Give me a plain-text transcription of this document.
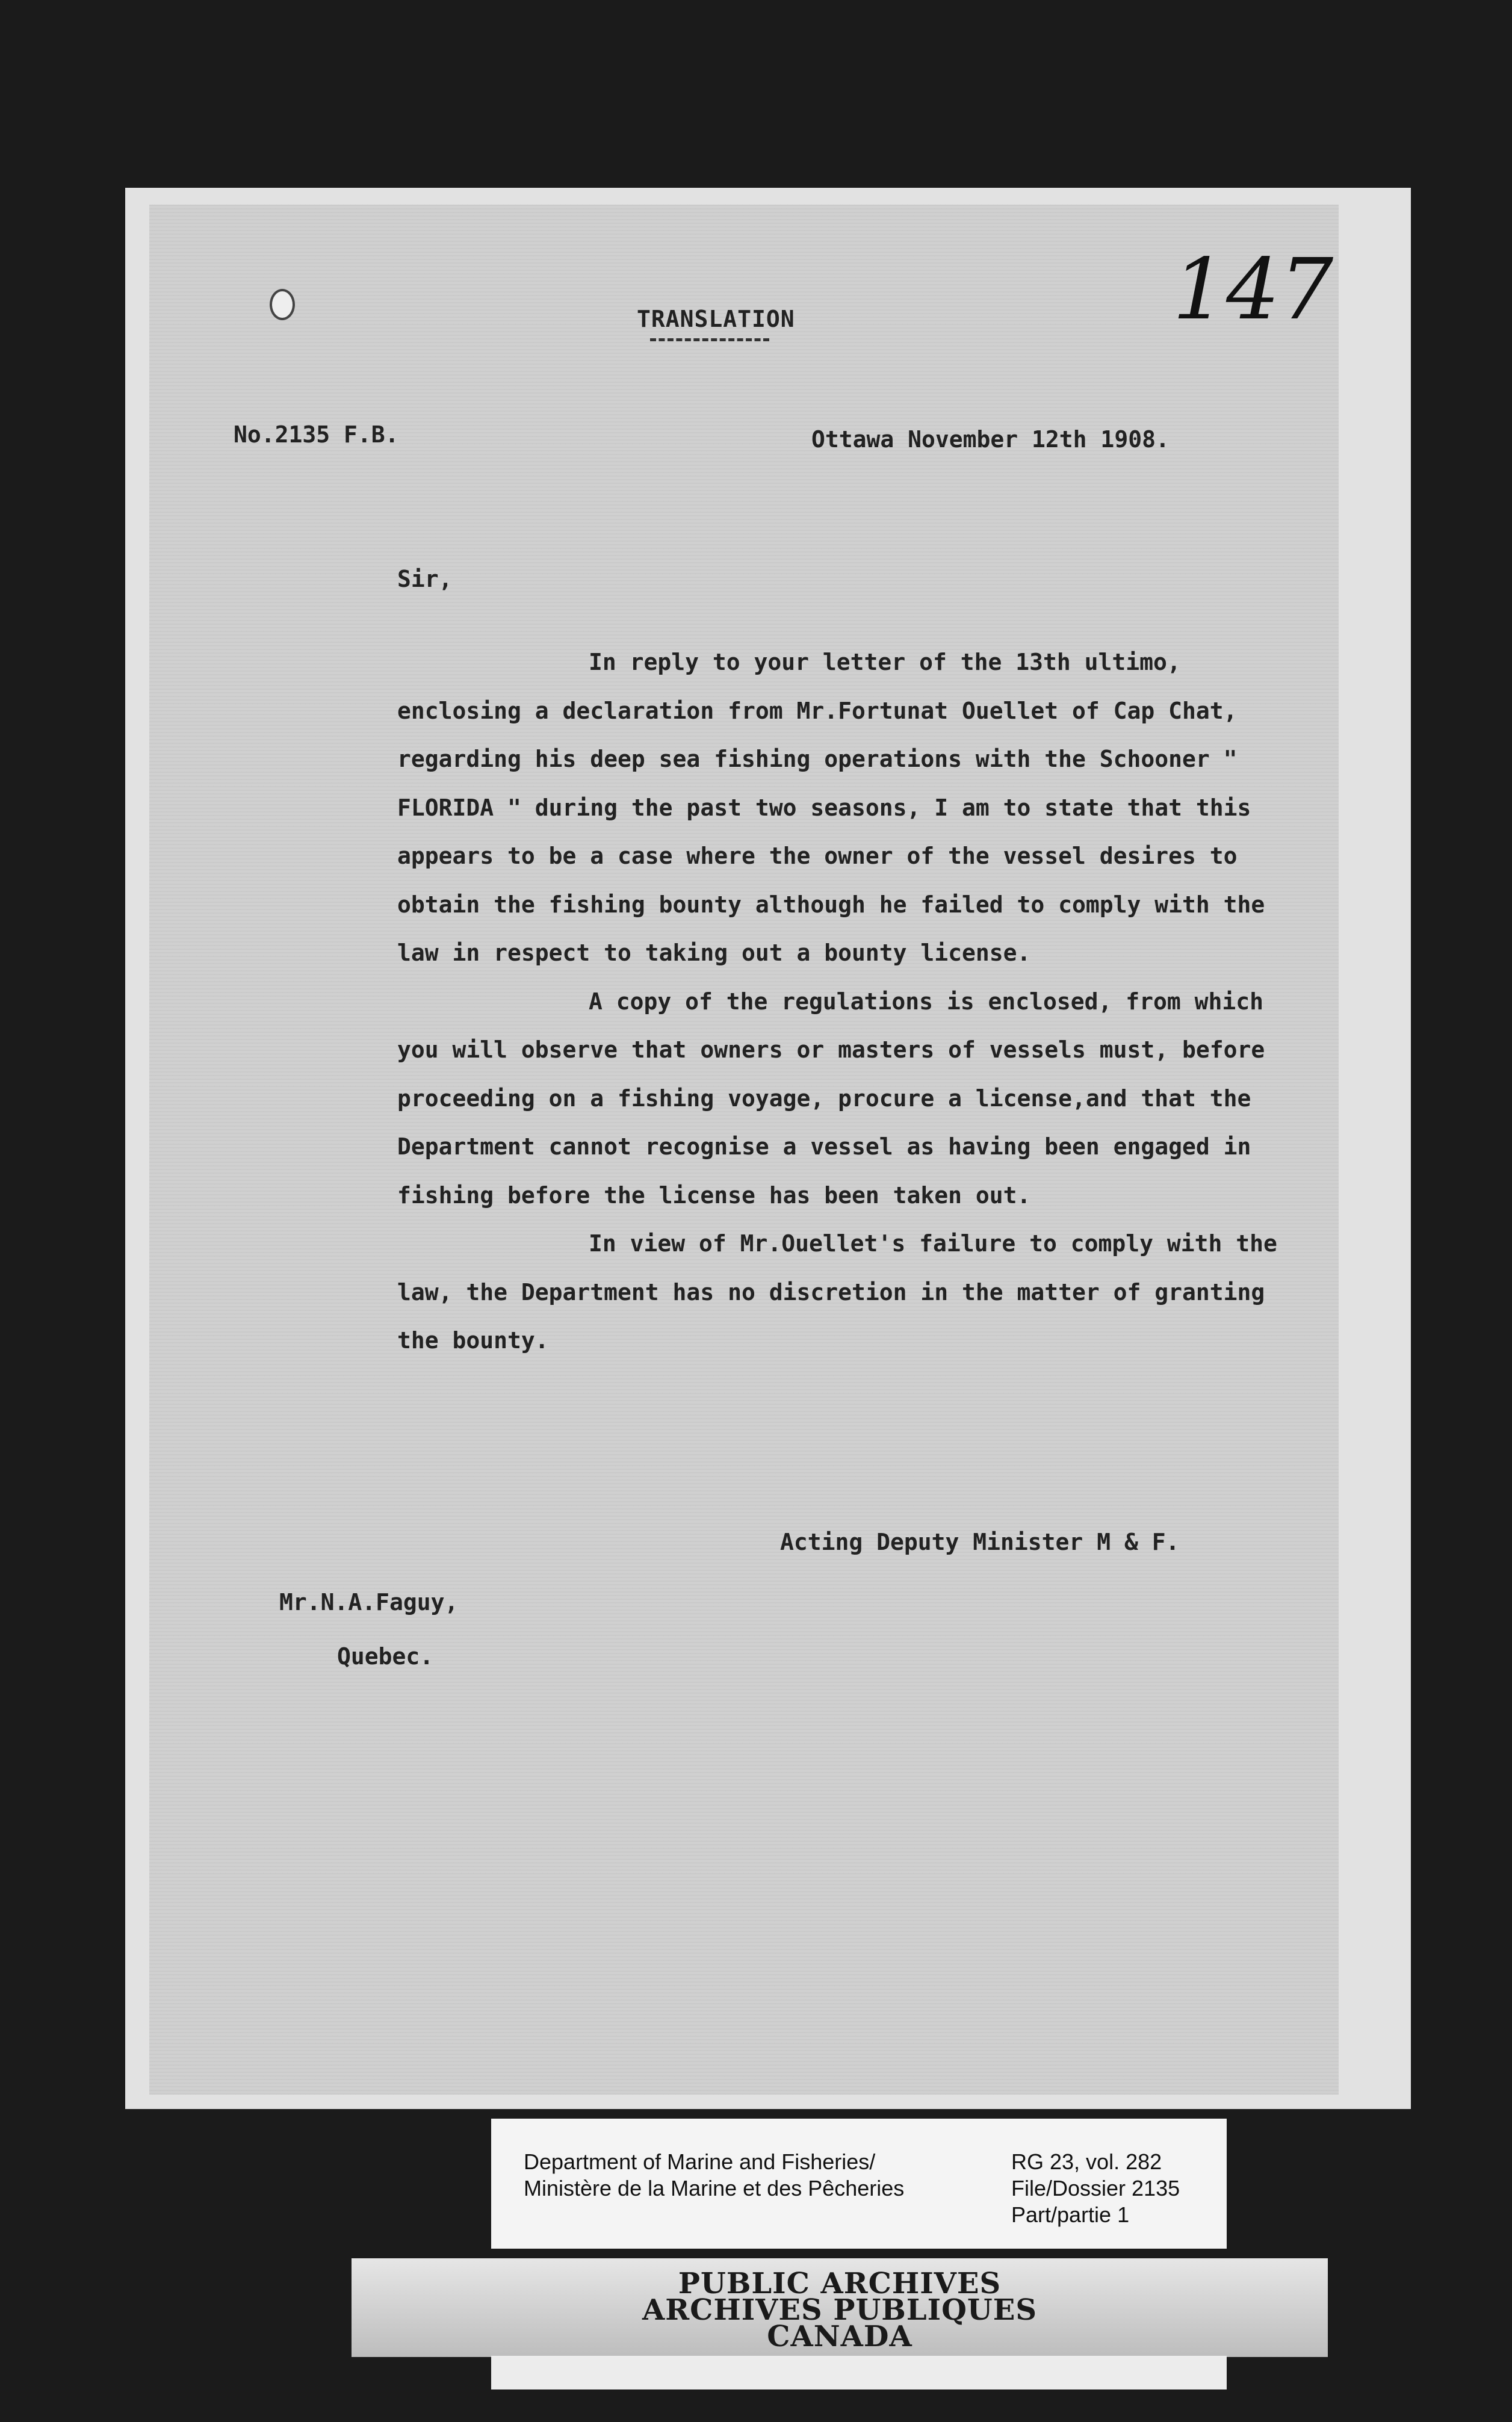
147
TRANSLATION
No.2135 F.B.	Ottawa November 12th 1908.
Sir,

In reply to your letter of the 13th ultimo, enclosing a declaration from Mr.Fortunat Ouellet of Cap Chat, regarding his deep sea fishing operations with the Schooner " FLORIDA " during the past two seasons, I am to state that this appears to be a case where the owner of the vessel desires to obtain the fishing bounty although he failed to comply with the law in respect to taking out a bounty license.

A copy of the regulations is enclosed, from which you will observe that owners or masters of vessels must, before proceeding on a fishing voyage, procure a license,and that the Department cannot recognise a vessel as having been engaged in fishing before the license has been taken out.

In view of Mr.Ouellet's failure to comply with the law, the Department has no discretion in the matter of granting the bounty.

Acting Deputy Minister M & F.
Mr.N.A.Faguy,
Quebec.
Department of Marine and Fisheries/
Ministère de la Marine et des Pêcheries
RG 23, vol. 282
File/Dossier 2135
Part/partie 1
PUBLIC ARCHIVES
ARCHIVES PUBLIQUES
CANADA
